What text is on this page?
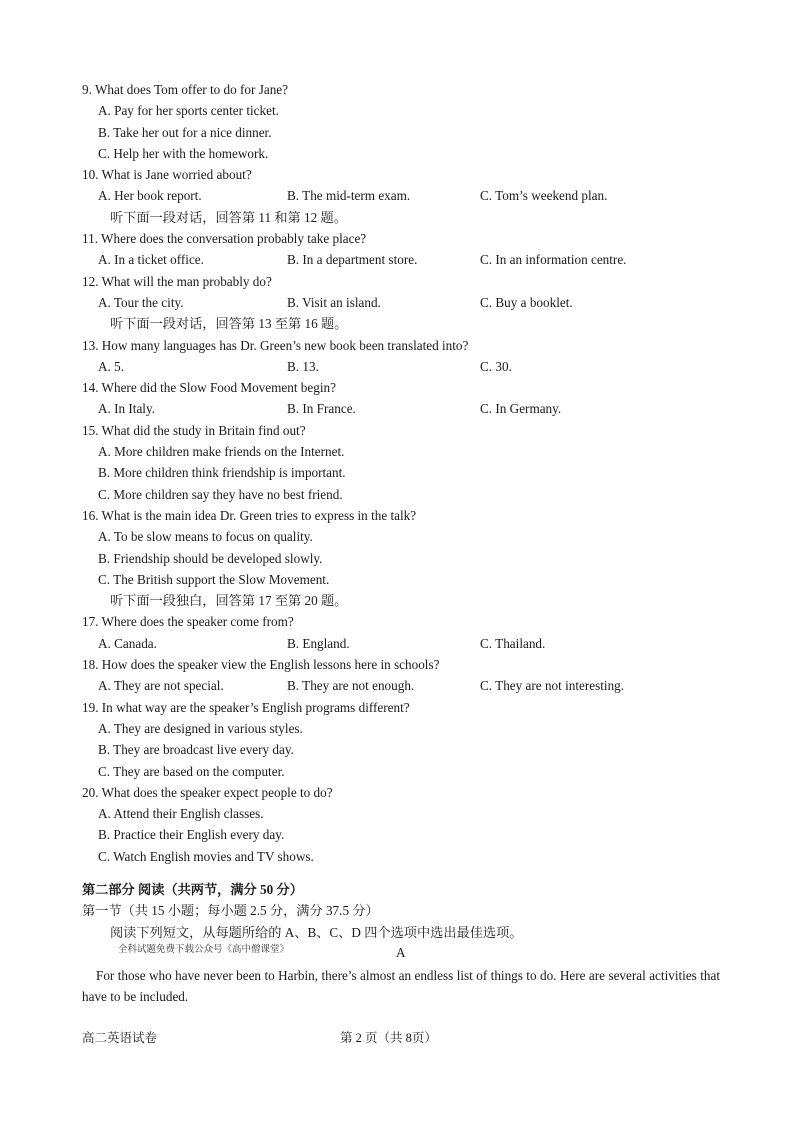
9. What does Tom offer to do for Jane?
A. Pay for her sports center ticket.
B. Take her out for a nice dinner.
C. Help her with the homework.
10. What is Jane worried about?
A. Her book report.	B. The mid-term exam.	C. Tom’s weekend plan.
听下面一段对话，回答第 11 和第 12 题。
11. Where does the conversation probably take place?
A. In a ticket office.	B. In a department store.	C. In an information centre.
12. What will the man probably do?
A. Tour the city.	B. Visit an island.	C. Buy a booklet.
听下面一段对话，回答第 13 至第 16 题。
13. How many languages has Dr. Green’s new book been translated into?
A. 5.	B. 13.	C. 30.
14. Where did the Slow Food Movement begin?
A. In Italy.	B. In France.	C. In Germany.
15. What did the study in Britain find out?
A. More children make friends on the Internet.
B. More children think friendship is important.
C. More children say they have no best friend.
16. What is the main idea Dr. Green tries to express in the talk?
A. To be slow means to focus on quality.
B. Friendship should be developed slowly.
C. The British support the Slow Movement.
听下面一段独白，回答第 17 至第 20 题。
17. Where does the speaker come from?
A. Canada.	B. England.	C. Thailand.
18. How does the speaker view the English lessons here in schools?
A. They are not special.	B. They are not enough.	C. They are not interesting.
19. In what way are the speaker’s English programs different?
A. They are designed in various styles.
B. They are broadcast live every day.
C. They are based on the computer.
20. What does the speaker expect people to do?
A. Attend their English classes.
B. Practice their English every day.
C. Watch English movies and TV shows.
第二部分 阅读（共两节，满分 50 分）
第一节（共 15 小题；每小题 2.5 分，满分 37.5 分）
阅读下列短文，从每题所给的 A、B、C、D 四个选项中选出最佳选项。
全科试题免费下载公众号《高中僧课堂》	A
For those who have never been to Harbin, there’s almost an endless list of things to do. Here are several activities that have to be included.
高二英语试卷	第 2 页（共 8页）
